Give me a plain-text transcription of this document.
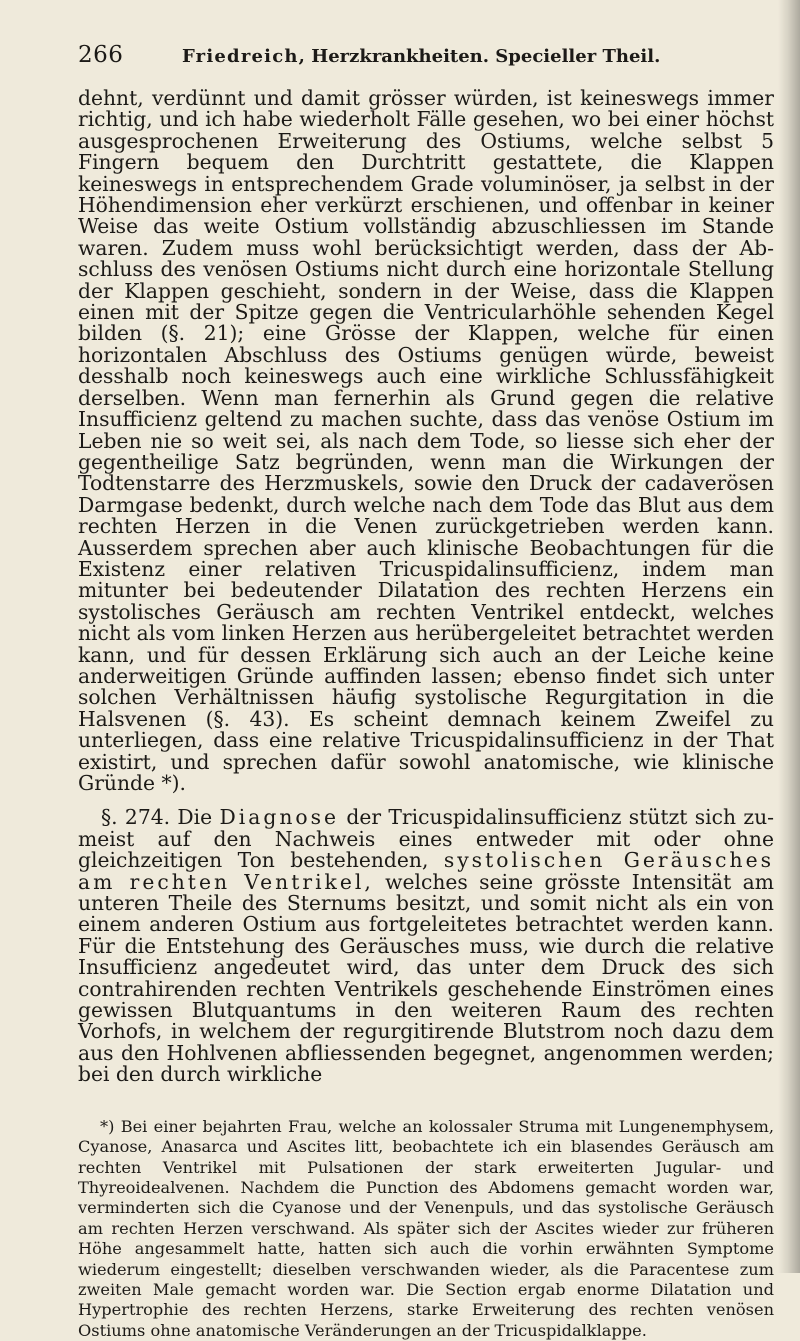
266	Friedreich, Herzkrankheiten. Specieller Theil.

dehnt, verdünnt und damit grösser würden, ist keineswegs immer richtig, und ich habe wiederholt Fälle gesehen, wo bei einer höchst ausgesprochenen Erweiterung des Ostiums, welche selbst 5 Fingern bequem den Durchtritt gestattete, die Klappen keineswegs in entsprechendem Grade voluminöser, ja selbst in der Höhendimension eher verkürzt erschienen, und offenbar in keiner Weise das weite Ostium vollständig abzuschliessen im Stande waren. Zudem muss wohl berücksichtigt werden, dass der Abschluss des venösen Ostiums nicht durch eine horizontale Stellung der Klappen geschieht, sondern in der Weise, dass die Klappen einen mit der Spitze gegen die Ventricularhöhle sehenden Kegel bilden (§. 21); eine Grösse der Klappen, welche für einen horizontalen Abschluss des Ostiums genügen würde, beweist desshalb noch keineswegs auch eine wirkliche Schlussfähigkeit derselben. Wenn man fernerhin als Grund gegen die relative Insufficienz geltend zu machen suchte, dass das venöse Ostium im Leben nie so weit sei, als nach dem Tode, so liesse sich eher der gegentheilige Satz begründen, wenn man die Wirkungen der Todtenstarre des Herzmuskels, sowie den Druck der cadaverösen Darmgase bedenkt, durch welche nach dem Tode das Blut aus dem rechten Herzen in die Venen zurückgetrieben werden kann. Ausserdem sprechen aber auch klinische Beobachtungen für die Existenz einer relativen Tricuspidalinsufficienz, indem man mitunter bei bedeutender Dilatation des rechten Herzens ein systolisches Geräusch am rechten Ventrikel entdeckt, welches nicht als vom linken Herzen aus herübergeleitet betrachtet werden kann, und für dessen Erklärung sich auch an der Leiche keine anderweitigen Gründe auffinden lassen; ebenso findet sich unter solchen Verhältnissen häufig systolische Regurgitation in die Halsvenen (§. 43). Es scheint demnach keinem Zweifel zu unterliegen, dass eine relative Tricuspidalinsufficienz in der That existirt, und sprechen dafür sowohl anatomische, wie klinische Gründe *).

§. 274. Die Diagnose der Tricuspidalinsufficienz stützt sich zumeist auf den Nachweis eines entweder mit oder ohne gleichzeitigen Ton bestehenden, systolischen Geräusches am rechten Ventrikel, welches seine grösste Intensität am unteren Theile des Sternums besitzt, und somit nicht als ein von einem anderen Ostium aus fortgeleitetes betrachtet werden kann. Für die Entstehung des Geräusches muss, wie durch die relative Insufficienz angedeutet wird, das unter dem Druck des sich contrahirenden rechten Ventrikels geschehende Einströmen eines gewissen Blutquantums in den weiteren Raum des rechten Vorhofs, in welchem der regurgitirende Blutstrom noch dazu dem aus den Hohlvenen abfliessenden begegnet, angenommen werden; bei den durch wirkliche

*) Bei einer bejahrten Frau, welche an kolossaler Struma mit Lungenemphysem, Cyanose, Anasarca und Ascites litt, beobachtete ich ein blasendes Geräusch am rechten Ventrikel mit Pulsationen der stark erweiterten Jugular- und Thyreoidealvenen. Nachdem die Punction des Abdomens gemacht worden war, verminderten sich die Cyanose und der Venenpuls, und das systolische Geräusch am rechten Herzen verschwand. Als später sich der Ascites wieder zur früheren Höhe angesammelt hatte, hatten sich auch die vorhin erwähnten Symptome wiederum eingestellt; dieselben verschwanden wieder, als die Paracentese zum zweiten Male gemacht worden war. Die Section ergab enorme Dilatation und Hypertrophie des rechten Herzens, starke Erweiterung des rechten venösen Ostiums ohne anatomische Veränderungen an der Tricuspidalklappe.
